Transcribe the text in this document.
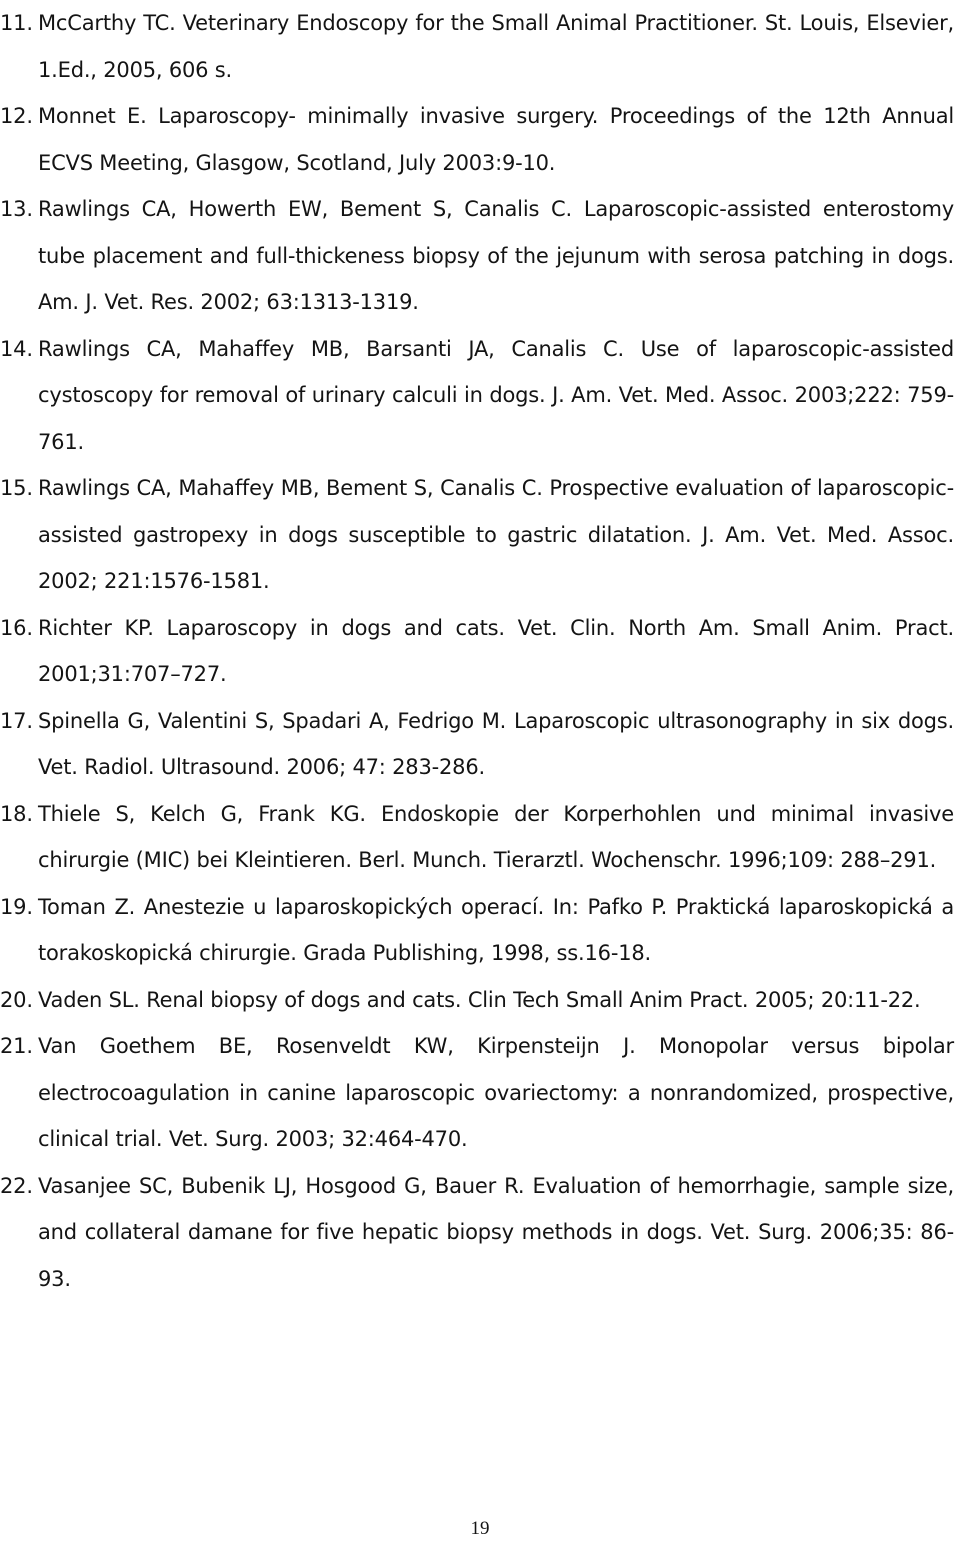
11. McCarthy TC. Veterinary Endoscopy for the Small Animal Practitioner. St. Louis, Elsevier, 1.Ed., 2005, 606 s.
12. Monnet E. Laparoscopy- minimally invasive surgery. Proceedings of the 12th Annual ECVS Meeting, Glasgow, Scotland, July 2003:9-10.
13. Rawlings CA, Howerth EW, Bement S, Canalis C. Laparoscopic-assisted enterostomy tube placement and full-thickeness biopsy of the jejunum with serosa patching in dogs. Am. J. Vet. Res. 2002; 63:1313-1319.
14. Rawlings CA, Mahaffey MB, Barsanti JA, Canalis C. Use of laparoscopic-assisted cystoscopy for removal of urinary calculi in dogs. J. Am. Vet. Med. Assoc. 2003;222: 759-761.
15. Rawlings CA, Mahaffey MB, Bement S, Canalis C. Prospective evaluation of laparoscopic-assisted gastropexy in dogs susceptible to gastric dilatation. J. Am. Vet. Med. Assoc. 2002; 221:1576-1581.
16. Richter KP. Laparoscopy in dogs and cats. Vet. Clin. North Am. Small Anim. Pract. 2001;31:707–727.
17. Spinella G, Valentini S, Spadari A, Fedrigo M. Laparoscopic ultrasonography in six dogs. Vet. Radiol. Ultrasound. 2006; 47: 283-286.
18. Thiele S, Kelch G, Frank KG. Endoskopie der Korperhohlen und minimal invasive chirurgie (MIC) bei Kleintieren. Berl. Munch. Tierarztl. Wochenschr. 1996;109: 288–291.
19. Toman Z. Anestezie u laparoskopických operací. In: Pafko P. Praktická laparoskopická a torakoskopická chirurgie. Grada Publishing, 1998, ss.16-18.
20. Vaden SL. Renal biopsy of dogs and cats. Clin Tech Small Anim Pract. 2005; 20:11-22.
21. Van Goethem BE, Rosenveldt KW, Kirpensteijn J. Monopolar versus bipolar electrocoagulation in canine laparoscopic ovariectomy: a nonrandomized, prospective, clinical trial. Vet. Surg. 2003; 32:464-470.
22. Vasanjee SC, Bubenik LJ, Hosgood G, Bauer R. Evaluation of hemorrhagie, sample size, and collateral damane for five hepatic biopsy methods in dogs. Vet. Surg. 2006;35: 86-93.
19
